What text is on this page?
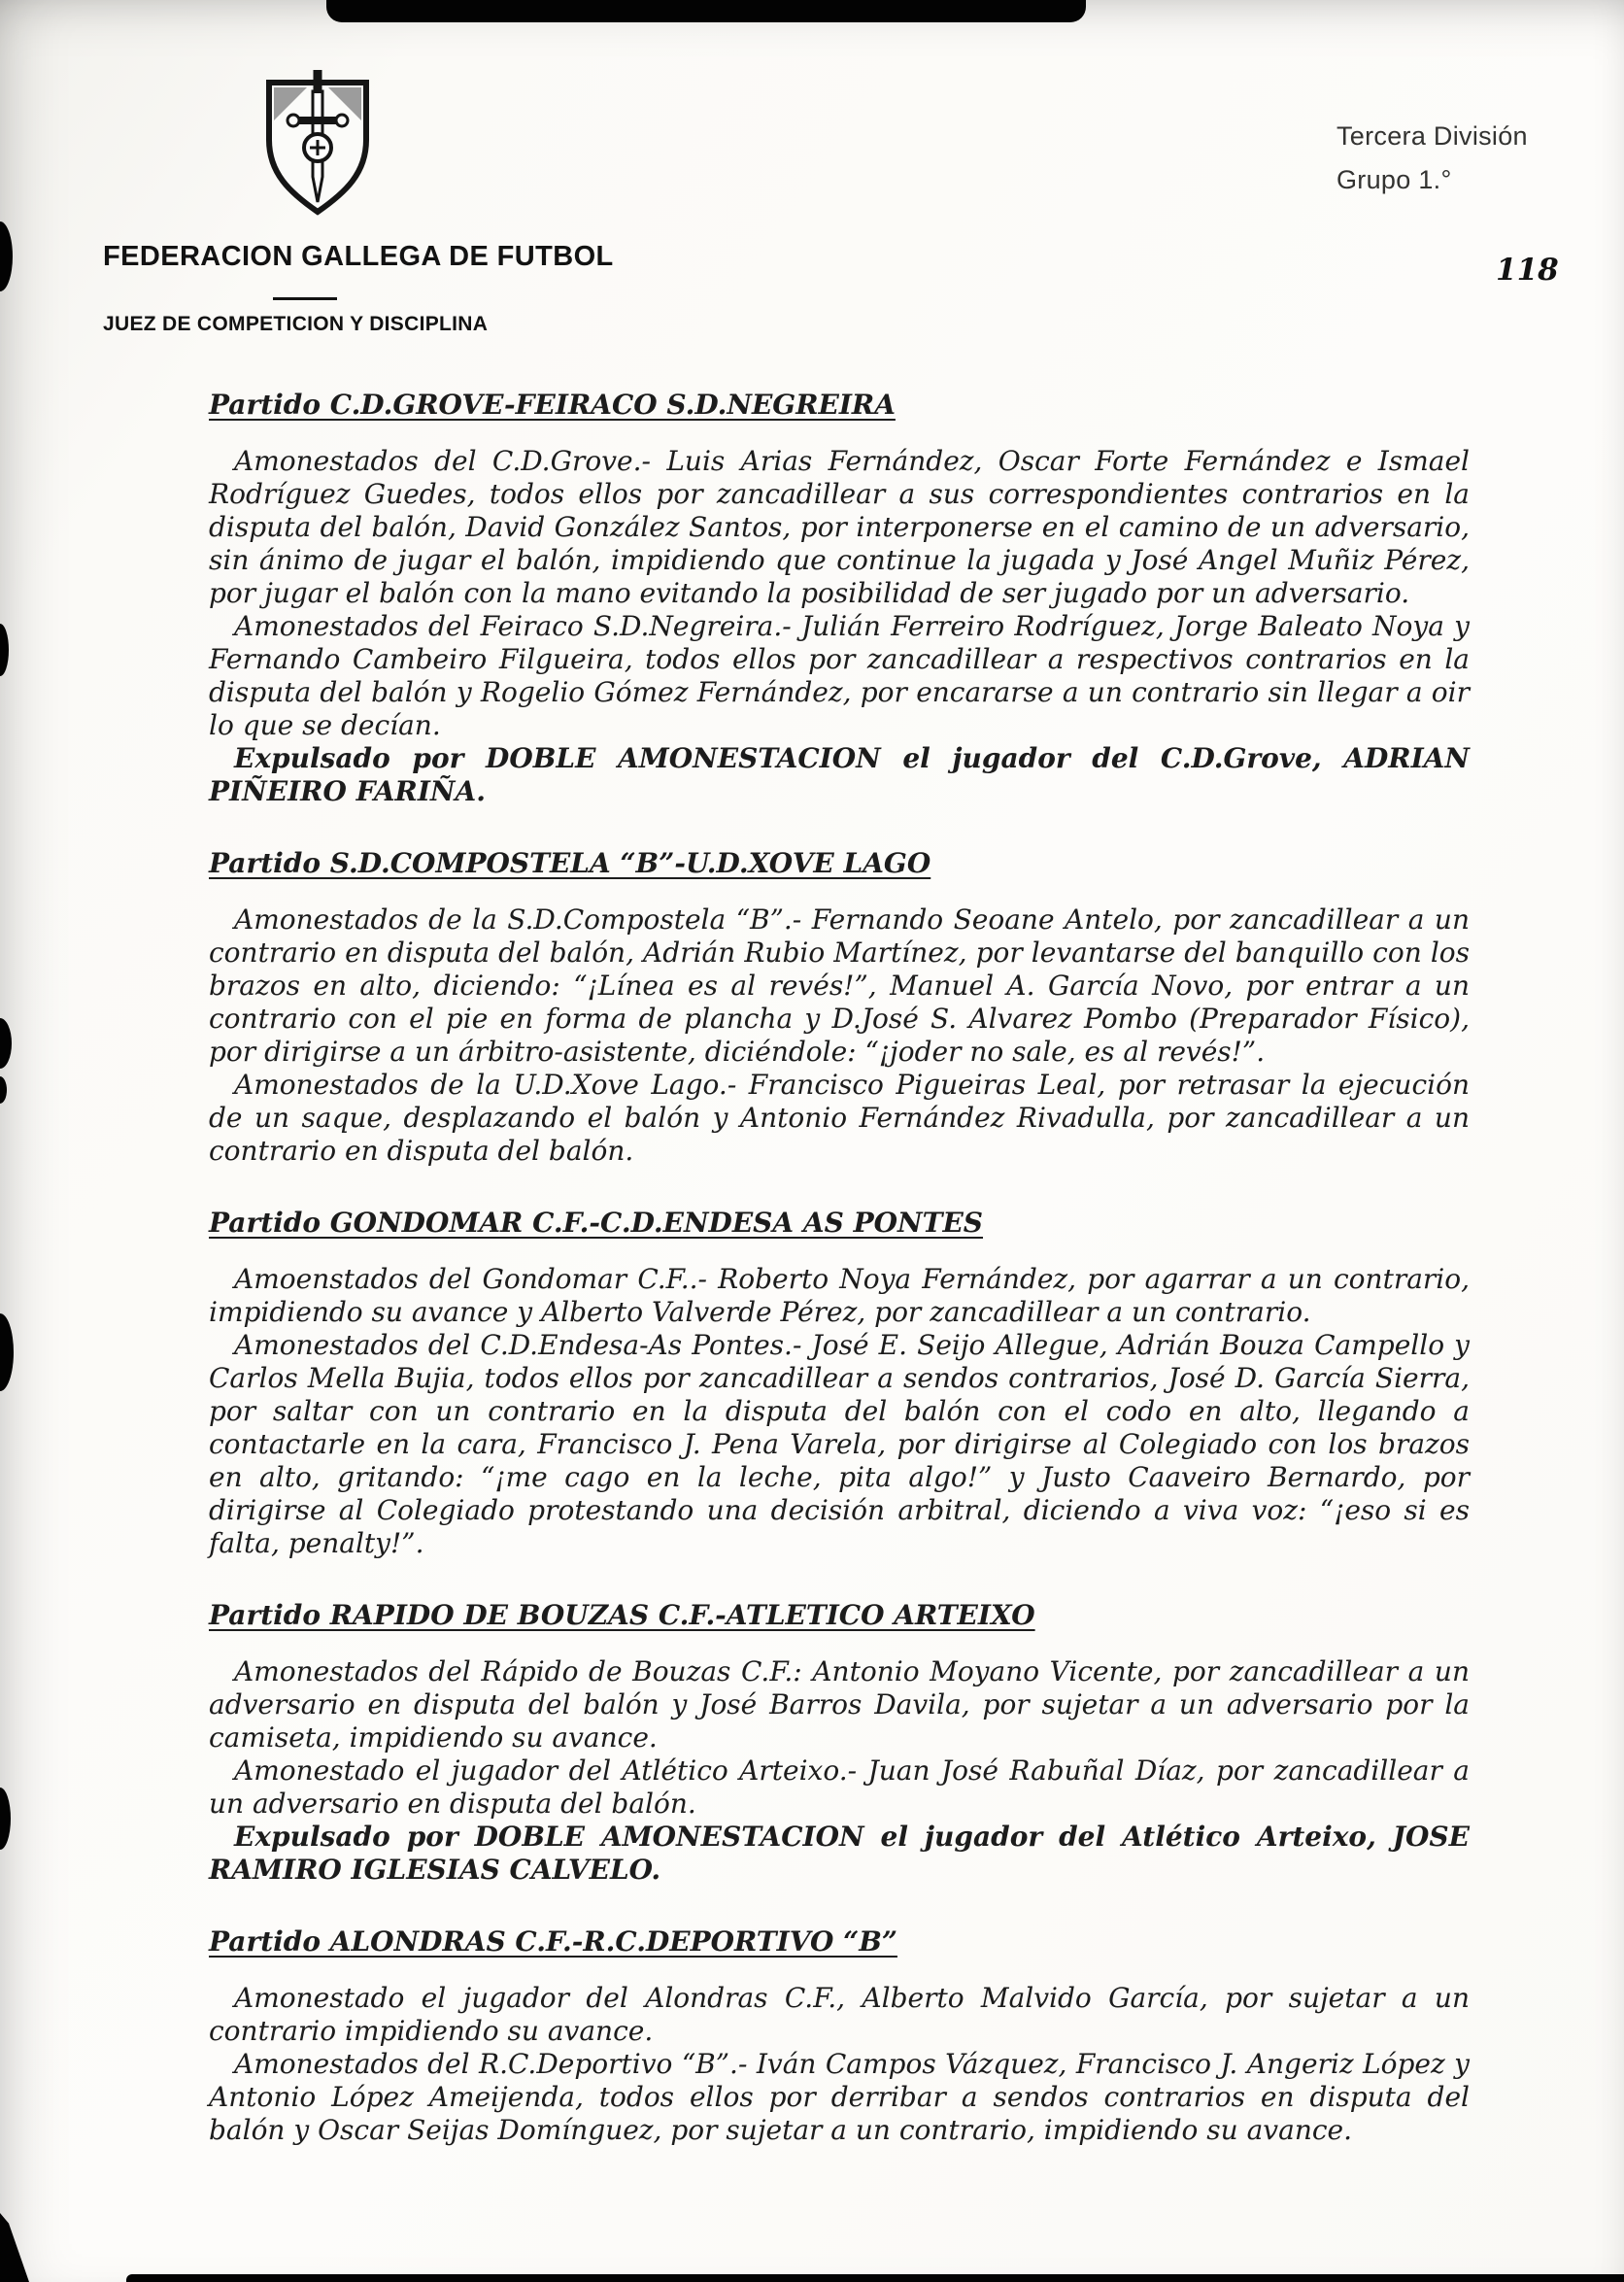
Tercera División
Grupo 1.°
FEDERACION GALLEGA DE FUTBOL
JUEZ DE COMPETICION Y DISCIPLINA
118
Partido C.D.GROVE-FEIRACO S.D.NEGREIRA

Amonestados del C.D.Grove.- Luis Arias Fernández, Oscar Forte Fernández e Ismael Rodríguez Guedes, todos ellos por zancadillear a sus correspondientes contrarios en la disputa del balón, David González Santos, por interponerse en el camino de un adversario, sin ánimo de jugar el balón, impidiendo que continue la jugada y José Angel Muñiz Pérez, por jugar el balón con la mano evitando la posibilidad de ser jugado por un adversario.

Amonestados del Feiraco S.D.Negreira.- Julián Ferreiro Rodríguez, Jorge Baleato Noya y Fernando Cambeiro Filgueira, todos ellos por zancadillear a respectivos contrarios en la disputa del balón y Rogelio Gómez Fernández, por encararse a un contrario sin llegar a oir lo que se decían.

Expulsado por DOBLE AMONESTACION el jugador del C.D.Grove, ADRIAN PIÑEIRO FARIÑA.

Partido S.D.COMPOSTELA “B”-U.D.XOVE LAGO

Amonestados de la S.D.Compostela “B”.- Fernando Seoane Antelo, por zancadillear a un contrario en disputa del balón, Adrián Rubio Martínez, por levantarse del banquillo con los brazos en alto, diciendo: “¡Línea es al revés!”, Manuel A. García Novo, por entrar a un contrario con el pie en forma de plancha y D.José S. Alvarez Pombo (Preparador Físico), por dirigirse a un árbitro-asistente, diciéndole: “¡joder no sale, es al revés!”.

Amonestados de la U.D.Xove Lago.- Francisco Pigueiras Leal, por retrasar la ejecución de un saque, desplazando el balón y Antonio Fernández Rivadulla, por zancadillear a un contrario en disputa del balón.

Partido GONDOMAR C.F.-C.D.ENDESA AS PONTES

Amoenstados del Gondomar C.F..- Roberto Noya Fernández, por agarrar a un contrario, impidiendo su avance y Alberto Valverde Pérez, por zancadillear a un contrario.

Amonestados del C.D.Endesa-As Pontes.- José E. Seijo Allegue, Adrián Bouza Campello y Carlos Mella Bujia, todos ellos por zancadillear a sendos contrarios, José D. García Sierra, por saltar con un contrario en la disputa del balón con el codo en alto, llegando a contactarle en la cara, Francisco J. Pena Varela, por dirigirse al Colegiado con los brazos en alto, gritando: “¡me cago en la leche, pita algo!” y Justo Caaveiro Bernardo, por dirigirse al Colegiado protestando una decisión arbitral, diciendo a viva voz: “¡eso si es falta, penalty!”.

Partido RAPIDO DE BOUZAS C.F.-ATLETICO ARTEIXO

Amonestados del Rápido de Bouzas C.F.: Antonio Moyano Vicente, por zancadillear a un adversario en disputa del balón y José Barros Davila, por sujetar a un adversario por la camiseta, impidiendo su avance.

Amonestado el jugador del Atlético Arteixo.- Juan José Rabuñal Díaz, por zancadillear a un adversario en disputa del balón.

Expulsado por DOBLE AMONESTACION el jugador del Atlético Arteixo, JOSE RAMIRO IGLESIAS CALVELO.

Partido ALONDRAS C.F.-R.C.DEPORTIVO “B”

Amonestado el jugador del Alondras C.F., Alberto Malvido García, por sujetar a un contrario impidiendo su avance.

Amonestados del R.C.Deportivo “B”.- Iván Campos Vázquez, Francisco J. Angeriz López y Antonio López Ameijenda, todos ellos por derribar a sendos contrarios en disputa del balón y Oscar Seijas Domínguez, por sujetar a un contrario, impidiendo su avance.
